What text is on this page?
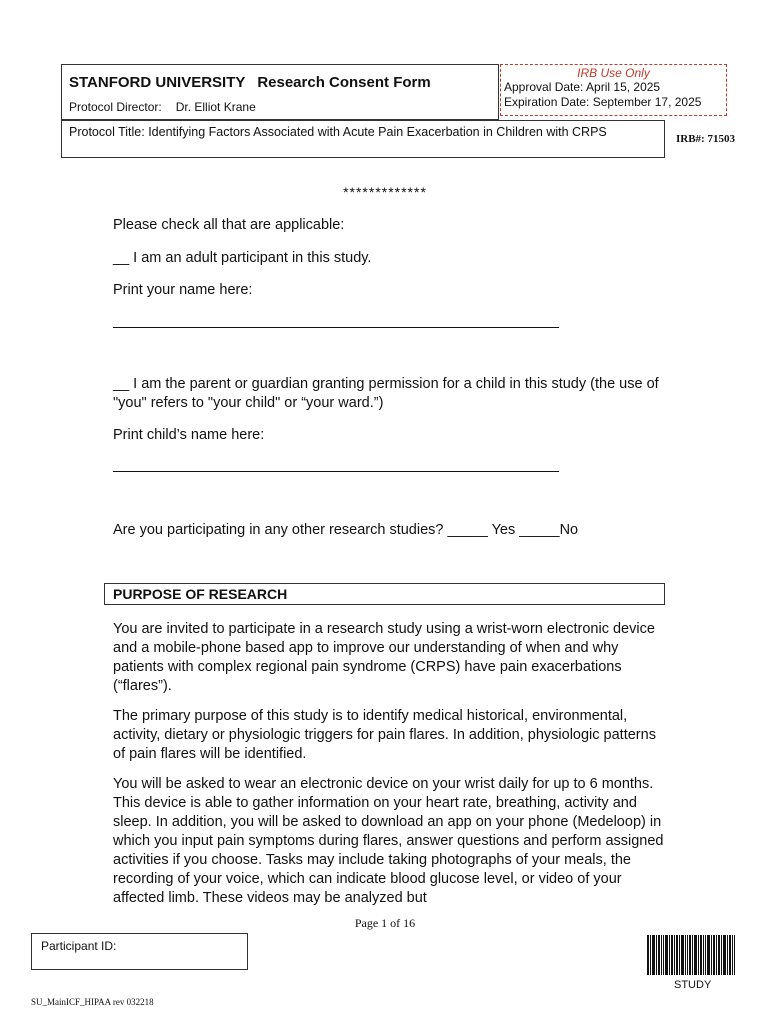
STANFORD UNIVERSITY Research Consent Form
Protocol Director: Dr. Elliot Krane
IRB Use Only
Approval Date: April 15, 2025
Expiration Date: September 17, 2025
Protocol Title: Identifying Factors Associated with Acute Pain Exacerbation in Children with CRPS	IRB#: 71503
*************
Please check all that are applicable:
__ I am an adult participant in this study.
Print your name here:
__ I am the parent or guardian granting permission for a child in this study (the use of "you" refers to "your child" or “your ward.”)
Print child’s name here:
Are you participating in any other research studies? _____ Yes _____No
PURPOSE OF RESEARCH
You are invited to participate in a research study using a wrist-worn electronic device and a mobile-phone based app to improve our understanding of when and why patients with complex regional pain syndrome (CRPS) have pain exacerbations (“flares”).
The primary purpose of this study is to identify medical historical, environmental, activity, dietary or physiologic triggers for pain flares. In addition, physiologic patterns of pain flares will be identified.
You will be asked to wear an electronic device on your wrist daily for up to 6 months. This device is able to gather information on your heart rate, breathing, activity and sleep. In addition, you will be asked to download an app on your phone (Medeloop) in which you input pain symptoms during flares, answer questions and perform assigned activities if you choose. Tasks may include taking photographs of your meals, the recording of your voice, which can indicate blood glucose level, or video of your affected limb. These videos may be analyzed but
Page 1 of 16
Participant ID:
STUDY
SU_MainICF_HIPAA rev 032218
